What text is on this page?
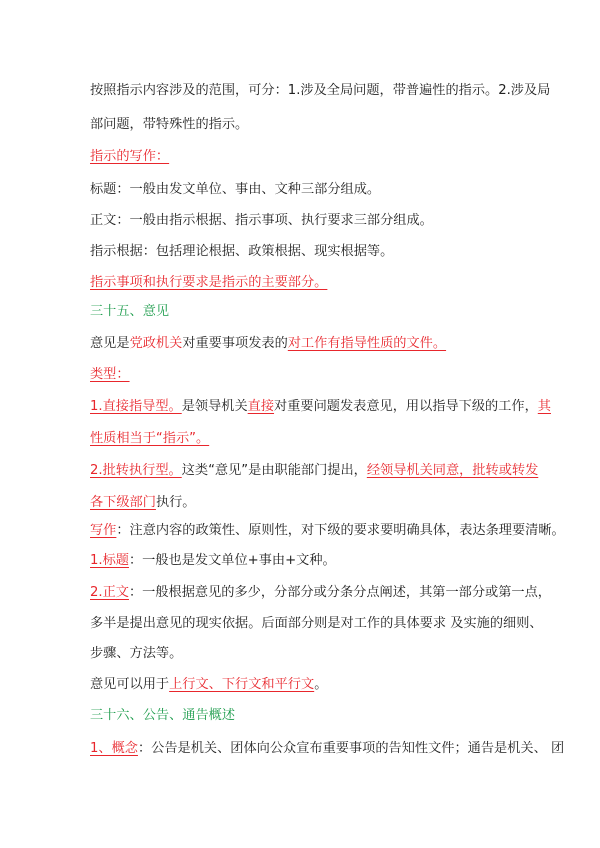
按照指示内容涉及的范围，可分：1.涉及全局问题，带普遍性的指示。2.涉及局
部问题，带特殊性的指示。
指示的写作：
标题：一般由发文单位、事由、文种三部分组成。
正文：一般由指示根据、指示事项、执行要求三部分组成。
指示根据：包括理论根据、政策根据、现实根据等。
指示事项和执行要求是指示的主要部分。
三十五、意见
意见是党政机关对重要事项发表的对工作有指导性质的文件。
类型：
1.直接指导型。是领导机关直接对重要问题发表意见，用以指导下级的工作，其
性质相当于“指示”。
2.批转执行型。这类“意见”是由职能部门提出，经领导机关同意，批转或转发
各下级部门执行。
写作：注意内容的政策性、原则性，对下级的要求要明确具体，表达条理要清晰。
1.标题：一般也是发文单位+事由+文种。
2.正文：一般根据意见的多少，分部分或分条分点阐述，其第一部分或第一点，
多半是提出意见的现实依据。后面部分则是对工作的具体要求 及实施的细则、
步骤、方法等。
意见可以用于上行文、下行文和平行文。
三十六、公告、通告概述
1、概念：公告是机关、团体向公众宣布重要事项的告知性文件；通告是机关、 团
